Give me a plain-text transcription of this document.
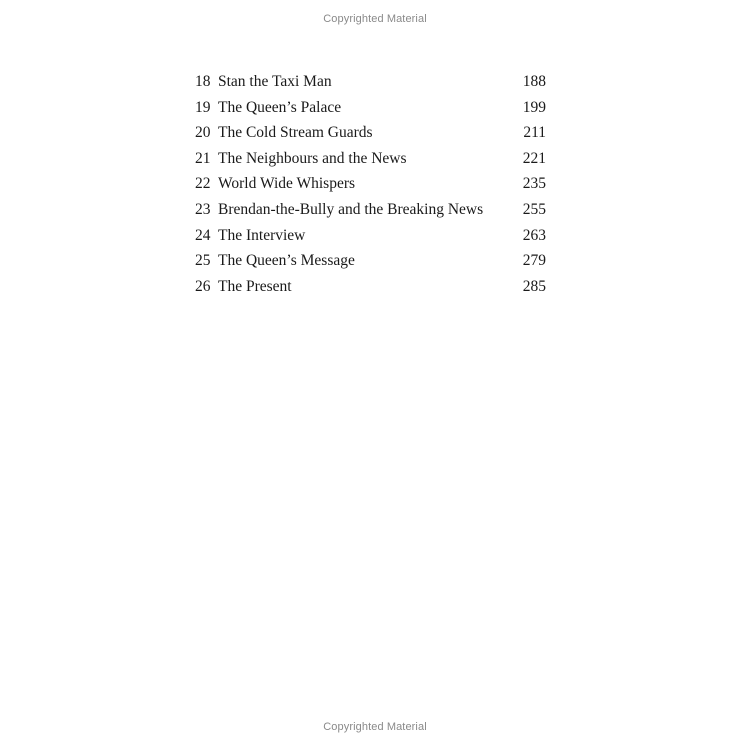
Copyrighted Material
18 Stan the Taxi Man	188
19 The Queen’s Palace	199
20 The Cold Stream Guards	211
21 The Neighbours and the News	221
22 World Wide Whispers	235
23 Brendan-the-Bully and the Breaking News	255
24 The Interview	263
25 The Queen’s Message	279
26 The Present	285
Copyrighted Material
